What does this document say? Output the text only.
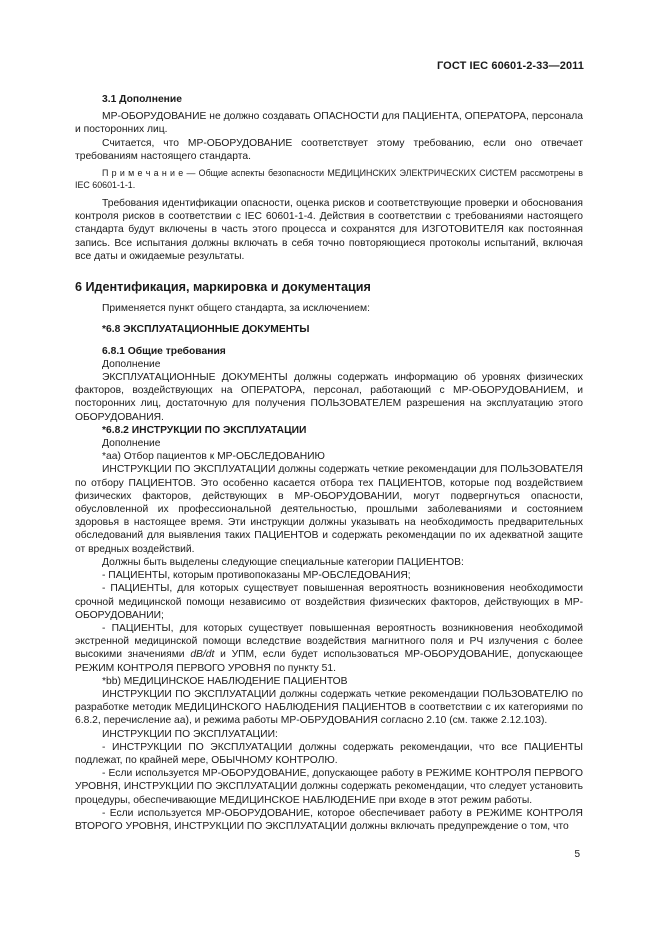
ГОСТ IEC 60601-2-33—2011

3.1 Дополнение

МР-ОБОРУДОВАНИЕ не должно создавать ОПАСНОСТИ для ПАЦИЕНТА, ОПЕРАТОРА, персонала и посторонних лиц.

Считается, что МР-ОБОРУДОВАНИЕ соответствует этому требованию, если оно отвечает требованиям настоящего стандарта.

П р и м е ч а н и е — Общие аспекты безопасности МЕДИЦИНСКИХ ЭЛЕКТРИЧЕСКИХ СИСТЕМ рассмотрены в IEC 60601-1-1.

Требования идентификации опасности, оценка рисков и соответствующие проверки и обоснования контроля рисков в соответствии с IEC 60601-1-4. Действия в соответствии с требованиями настоящего стандарта будут включены в часть этого процесса и сохранятся для ИЗГОТОВИТЕЛЯ как постоянная запись. Все испытания должны включать в себя точно повторяющиеся протоколы испытаний, включая все даты и ожидаемые результаты.

6 Идентификация, маркировка и документация

Применяется пункт общего стандарта, за исключением:

*6.8 ЭКСПЛУАТАЦИОННЫЕ ДОКУМЕНТЫ

6.8.1 Общие требования

Дополнение

ЭКСПЛУАТАЦИОННЫЕ ДОКУМЕНТЫ должны содержать информацию об уровнях физических факторов, воздействующих на ОПЕРАТОРА, персонал, работающий с МР-ОБОРУДОВАНИЕМ, и посторонних лиц, достаточную для получения ПОЛЬЗОВАТЕЛЕМ разрешения на эксплуатацию этого ОБОРУДОВАНИЯ.

*6.8.2 ИНСТРУКЦИИ ПО ЭКСПЛУАТАЦИИ

Дополнение

*аа) Отбор пациентов к МР-ОБСЛЕДОВАНИЮ

ИНСТРУКЦИИ ПО ЭКСПЛУАТАЦИИ должны содержать четкие рекомендации для ПОЛЬЗОВАТЕЛЯ по отбору ПАЦИЕНТОВ. Это особенно касается отбора тех ПАЦИЕНТОВ, которые под воздействием физических факторов, действующих в МР-ОБОРУДОВАНИИ, могут подвергнуться опасности, обусловленной их профессиональной деятельностью, прошлыми заболеваниями и состоянием здоровья в настоящее время. Эти инструкции должны указывать на необходимость предварительных обследований для выявления таких ПАЦИЕНТОВ и содержать рекомендации по их адекватной защите от вредных воздействий.

Должны быть выделены следующие специальные категории ПАЦИЕНТОВ:

- ПАЦИЕНТЫ, которым противопоказаны МР-ОБСЛЕДОВАНИЯ;

- ПАЦИЕНТЫ, для которых существует повышенная вероятность возникновения необходимости срочной медицинской помощи независимо от воздействия физических факторов, действующих в МР-ОБОРУДОВАНИИ;

- ПАЦИЕНТЫ, для которых существует повышенная вероятность возникновения необходимой экстренной медицинской помощи вследствие воздействия магнитного поля и РЧ излучения с более высокими значениями dB/dt и УПМ, если будет использоваться МР-ОБОРУДОВАНИЕ, допускающее РЕЖИМ КОНТРОЛЯ ПЕРВОГО УРОВНЯ по пункту 51.

*bb) МЕДИЦИНСКОЕ НАБЛЮДЕНИЕ ПАЦИЕНТОВ

ИНСТРУКЦИИ ПО ЭКСПЛУАТАЦИИ должны содержать четкие рекомендации ПОЛЬЗОВАТЕЛЮ по разработке методик МЕДИЦИНСКОГО НАБЛЮДЕНИЯ ПАЦИЕНТОВ в соответствии с их категориями по 6.8.2, перечисление аа), и режима работы МР-ОБРУДОВАНИЯ согласно 2.10 (см. также 2.12.103).

ИНСТРУКЦИИ ПО ЭКСПЛУАТАЦИИ:

- ИНСТРУКЦИИ ПО ЭКСПЛУАТАЦИИ должны содержать рекомендации, что все ПАЦИЕНТЫ подлежат, по крайней мере, ОБЫЧНОМУ КОНТРОЛЮ.

- Если используется МР-ОБОРУДОВАНИЕ, допускающее работу в РЕЖИМЕ КОНТРОЛЯ ПЕРВОГО УРОВНЯ, ИНСТРУКЦИИ ПО ЭКСПЛУАТАЦИИ должны содержать рекомендации, что следует установить процедуры, обеспечивающие МЕДИЦИНСКОЕ НАБЛЮДЕНИЕ при входе в этот режим работы.

- Если используется МР-ОБОРУДОВАНИЕ, которое обеспечивает работу в РЕЖИМЕ КОНТРОЛЯ ВТОРОГО УРОВНЯ, ИНСТРУКЦИИ ПО ЭКСПЛУАТАЦИИ должны включать предупреждение о том, что

5
